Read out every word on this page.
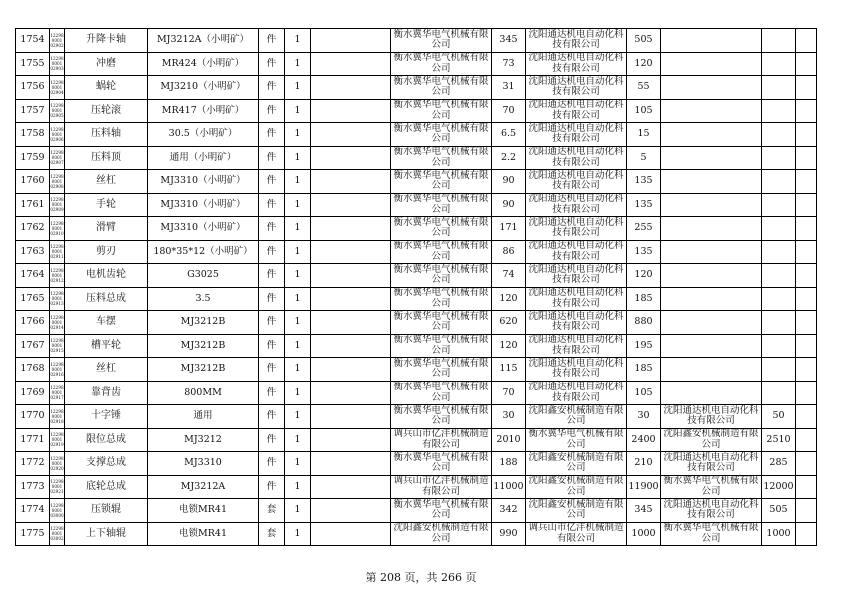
1754	122980001 02902	升降卡轴	MJ3212A（小明矿）	件	1		衡水冀华电气机械有限公司	345	沈阳通达机电自动化科技有限公司	505			
1755	122980001 02903	冲磨	MR424（小明矿）	件	1		衡水冀华电气机械有限公司	73	沈阳通达机电自动化科技有限公司	120			
1756	122980001 02904	蜗轮	MJ3210（小明矿）	件	1		衡水冀华电气机械有限公司	31	沈阳通达机电自动化科技有限公司	55			
1757	122980001 02905	压轮滚	MR417（小明矿）	件	1		衡水冀华电气机械有限公司	70	沈阳通达机电自动化科技有限公司	105			
1758	122980001 02906	压料轴	30.5（小明矿）	件	1		衡水冀华电气机械有限公司	6.5	沈阳通达机电自动化科技有限公司	15			
1759	122980001 02907	压料顶	通用（小明矿）	件	1		衡水冀华电气机械有限公司	2.2	沈阳通达机电自动化科技有限公司	5			
1760	122980001 02908	丝杠	MJ3310（小明矿）	件	1		衡水冀华电气机械有限公司	90	沈阳通达机电自动化科技有限公司	135			
1761	122980001 02909	手轮	MJ3310（小明矿）	件	1		衡水冀华电气机械有限公司	90	沈阳通达机电自动化科技有限公司	135			
1762	122980001 02910	滑臂	MJ3310（小明矿）	件	1		衡水冀华电气机械有限公司	171	沈阳通达机电自动化科技有限公司	255			
1763	122980001 02911	剪刃	180*35*12（小明矿）	件	1		衡水冀华电气机械有限公司	86	沈阳通达机电自动化科技有限公司	135			
1764	122980001 02912	电机齿轮	G3025	件	1		衡水冀华电气机械有限公司	74	沈阳通达机电自动化科技有限公司	120			
1765	122980001 02913	压料总成	3.5	件	1		衡水冀华电气机械有限公司	120	沈阳通达机电自动化科技有限公司	185			
1766	122980001 02914	车摆	MJ3212B	件	1		衡水冀华电气机械有限公司	620	沈阳通达机电自动化科技有限公司	880			
1767	122980001 02915	槽平轮	MJ3212B	件	1		衡水冀华电气机械有限公司	120	沈阳通达机电自动化科技有限公司	195			
1768	122980001 02916	丝杠	MJ3212B	件	1		衡水冀华电气机械有限公司	115	沈阳通达机电自动化科技有限公司	185			
1769	122980001 02917	靠背齿	800MM	件	1		衡水冀华电气机械有限公司	70	沈阳通达机电自动化科技有限公司	105			
1770	122980001 02918	十字锤	通用	件	1		衡水冀华电气机械有限公司	30	沈阳鑫安机械制造有限公司	30	沈阳通达机电自动化科技有限公司	50	
1771	122980001 02919	限位总成	MJ3212	件	1		调兵山市亿沣机械制造有限公司	2010	衡水冀华电气机械有限公司	2400	沈阳鑫安机械制造有限公司	2510	
1772	122980001 02920	支撑总成	MJ3310	件	1		衡水冀华电气机械有限公司	188	沈阳鑫安机械制造有限公司	210	沈阳通达机电自动化科技有限公司	285	
1773	122980001 02921	底轮总成	MJ3212A	件	1		调兵山市亿沣机械制造有限公司	11000	沈阳鑫安机械制造有限公司	11900	衡水冀华电气机械有限公司	12000	
1774	122980001 03000	压锁辊	电锁MR41	套	1		衡水冀华电气机械有限公司	342	沈阳鑫安机械制造有限公司	345	沈阳通达机电自动化科技有限公司	505	
1775	122980001 03002	上下轴辊	电锁MR41	套	1		沈阳鑫安机械制造有限公司	990	调兵山市亿沣机械制造有限公司	1000	衡水冀华电气机械有限公司	1000	
第 208 页，共 266 页
